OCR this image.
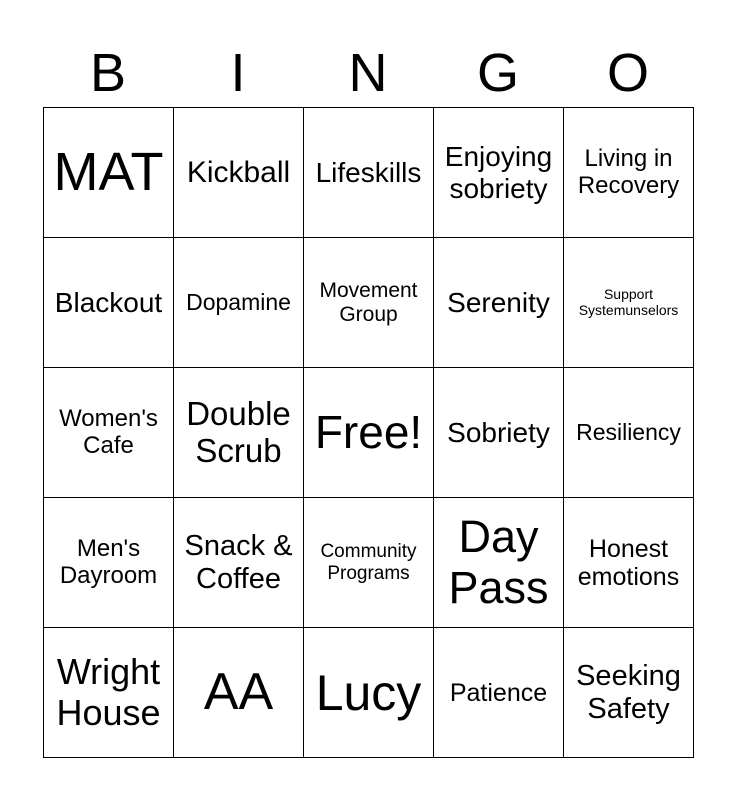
B	I	N	G	O
MAT	Kickball	Lifeskills	Enjoying sobriety	Living in Recovery
Blackout	Dopamine	Movement Group	Serenity	Support Systemunselors
Women's Cafe	Double Scrub	Free!	Sobriety	Resiliency
Men's Dayroom	Snack & Coffee	Community Programs	Day Pass	Honest emotions
Wright House	AA	Lucy	Patience	Seeking Safety
